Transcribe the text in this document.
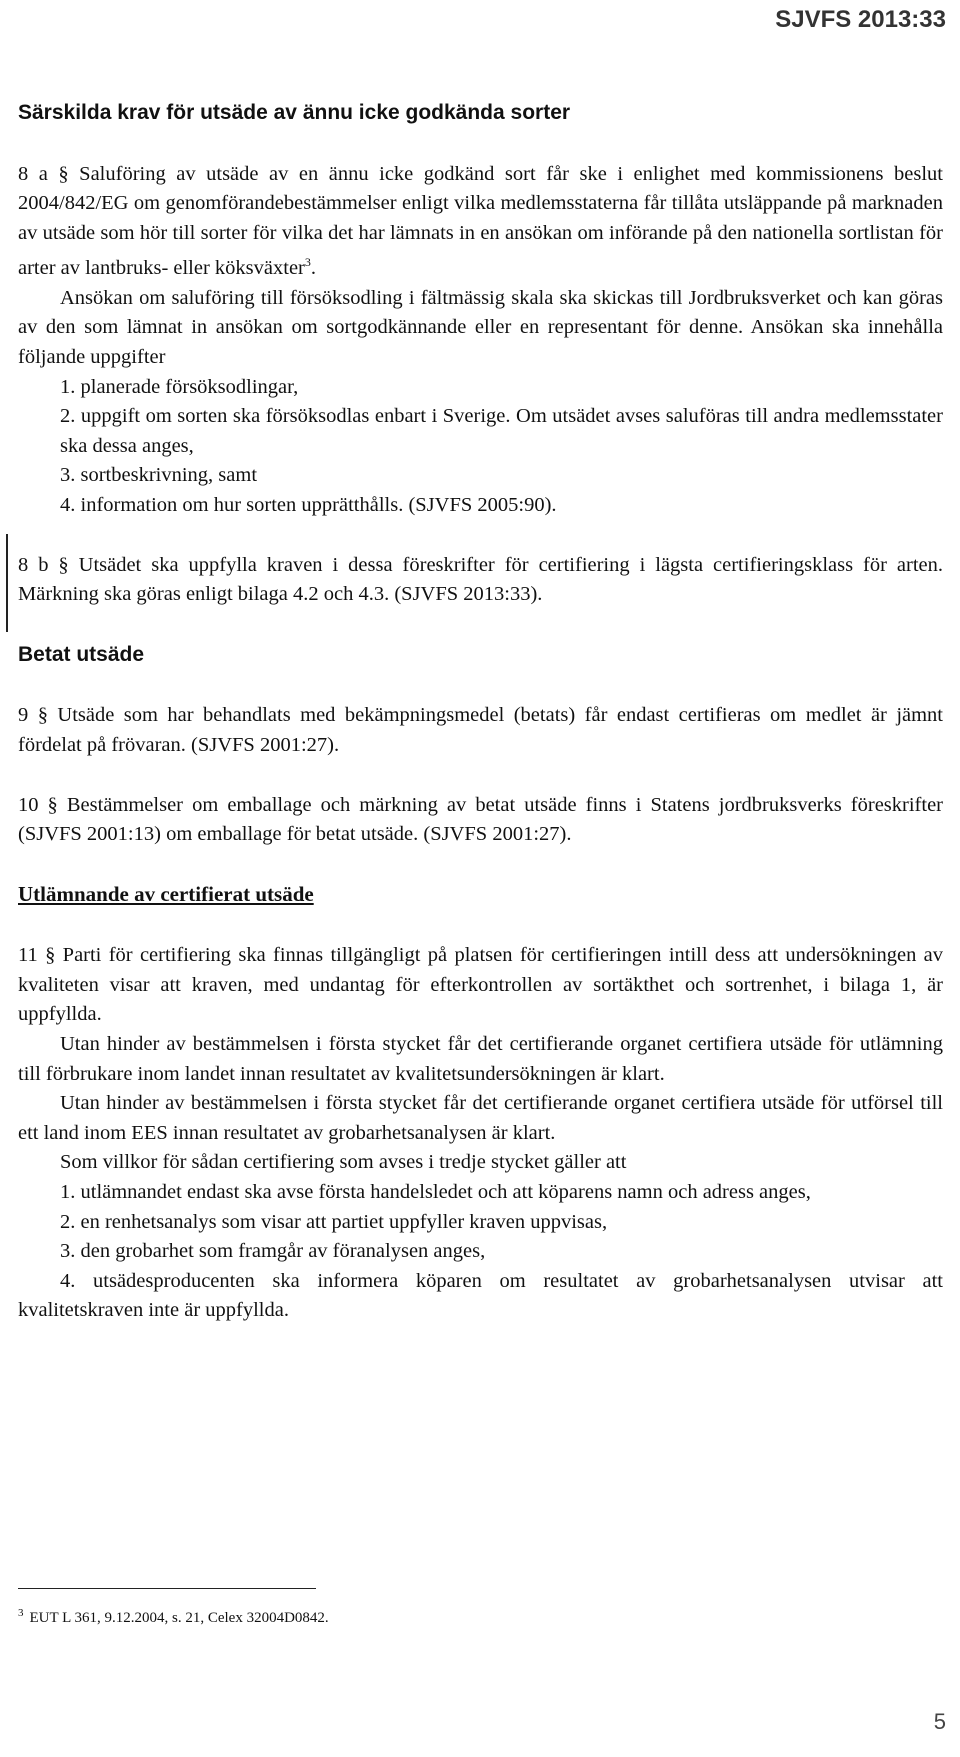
SJVFS 2013:33
Särskilda krav för utsäde av ännu icke godkända sorter

8 a § Saluföring av utsäde av en ännu icke godkänd sort får ske i enlighet med kommissionens beslut 2004/842/EG om genomförandebestämmelser enligt vilka medlemsstaterna får tillåta utsläppande på marknaden av utsäde som hör till sorter för vilka det har lämnats in en ansökan om införande på den nationella sortlistan för arter av lantbruks- eller köksväxter$^3$.

Ansökan om saluföring till försöksodling i fältmässig skala ska skickas till Jordbruksverket och kan göras av den som lämnat in ansökan om sortgodkännande eller en representant för denne. Ansökan ska innehålla följande uppgifter

1. planerade försöksodlingar,

2. uppgift om sorten ska försöksodlas enbart i Sverige. Om utsädet avses saluföras till andra medlemsstater ska dessa anges,

3. sortbeskrivning, samt

4. information om hur sorten upprätthålls. (SJVFS 2005:90).

8 b § Utsädet ska uppfylla kraven i dessa föreskrifter för certifiering i lägsta certifieringsklass för arten. Märkning ska göras enligt bilaga 4.2 och 4.3. (SJVFS 2013:33).

Betat utsäde

9 § Utsäde som har behandlats med bekämpningsmedel (betats) får endast certifieras om medlet är jämnt fördelat på frövaran. (SJVFS 2001:27).

10 § Bestämmelser om emballage och märkning av betat utsäde finns i Statens jordbruksverks föreskrifter (SJVFS 2001:13) om emballage för betat utsäde. (SJVFS 2001:27).

Utlämnande av certifierat utsäde

11 § Parti för certifiering ska finnas tillgängligt på platsen för certifieringen intill dess att undersökningen av kvaliteten visar att kraven, med undantag för efterkontrollen av sortäkthet och sortrenhet, i bilaga 1, är uppfyllda.

Utan hinder av bestämmelsen i första stycket får det certifierande organet certifiera utsäde för utlämning till förbrukare inom landet innan resultatet av kvalitetsundersökningen är klart.

Utan hinder av bestämmelsen i första stycket får det certifierande organet certifiera utsäde för utförsel till ett land inom EES innan resultatet av grobarhetsanalysen är klart.

Som villkor för sådan certifiering som avses i tredje stycket gäller att

1. utlämnandet endast ska avse första handelsledet och att köparens namn och adress anges,

2. en renhetsanalys som visar att partiet uppfyller kraven uppvisas,

3. den grobarhet som framgår av föranalysen anges,

4. utsädesproducenten ska informera köparen om resultatet av grobarhetsanalysen utvisar att kvalitetskraven inte är uppfyllda.

$^3$ EUT L 361, 9.12.2004, s. 21, Celex 32004D0842.
5
